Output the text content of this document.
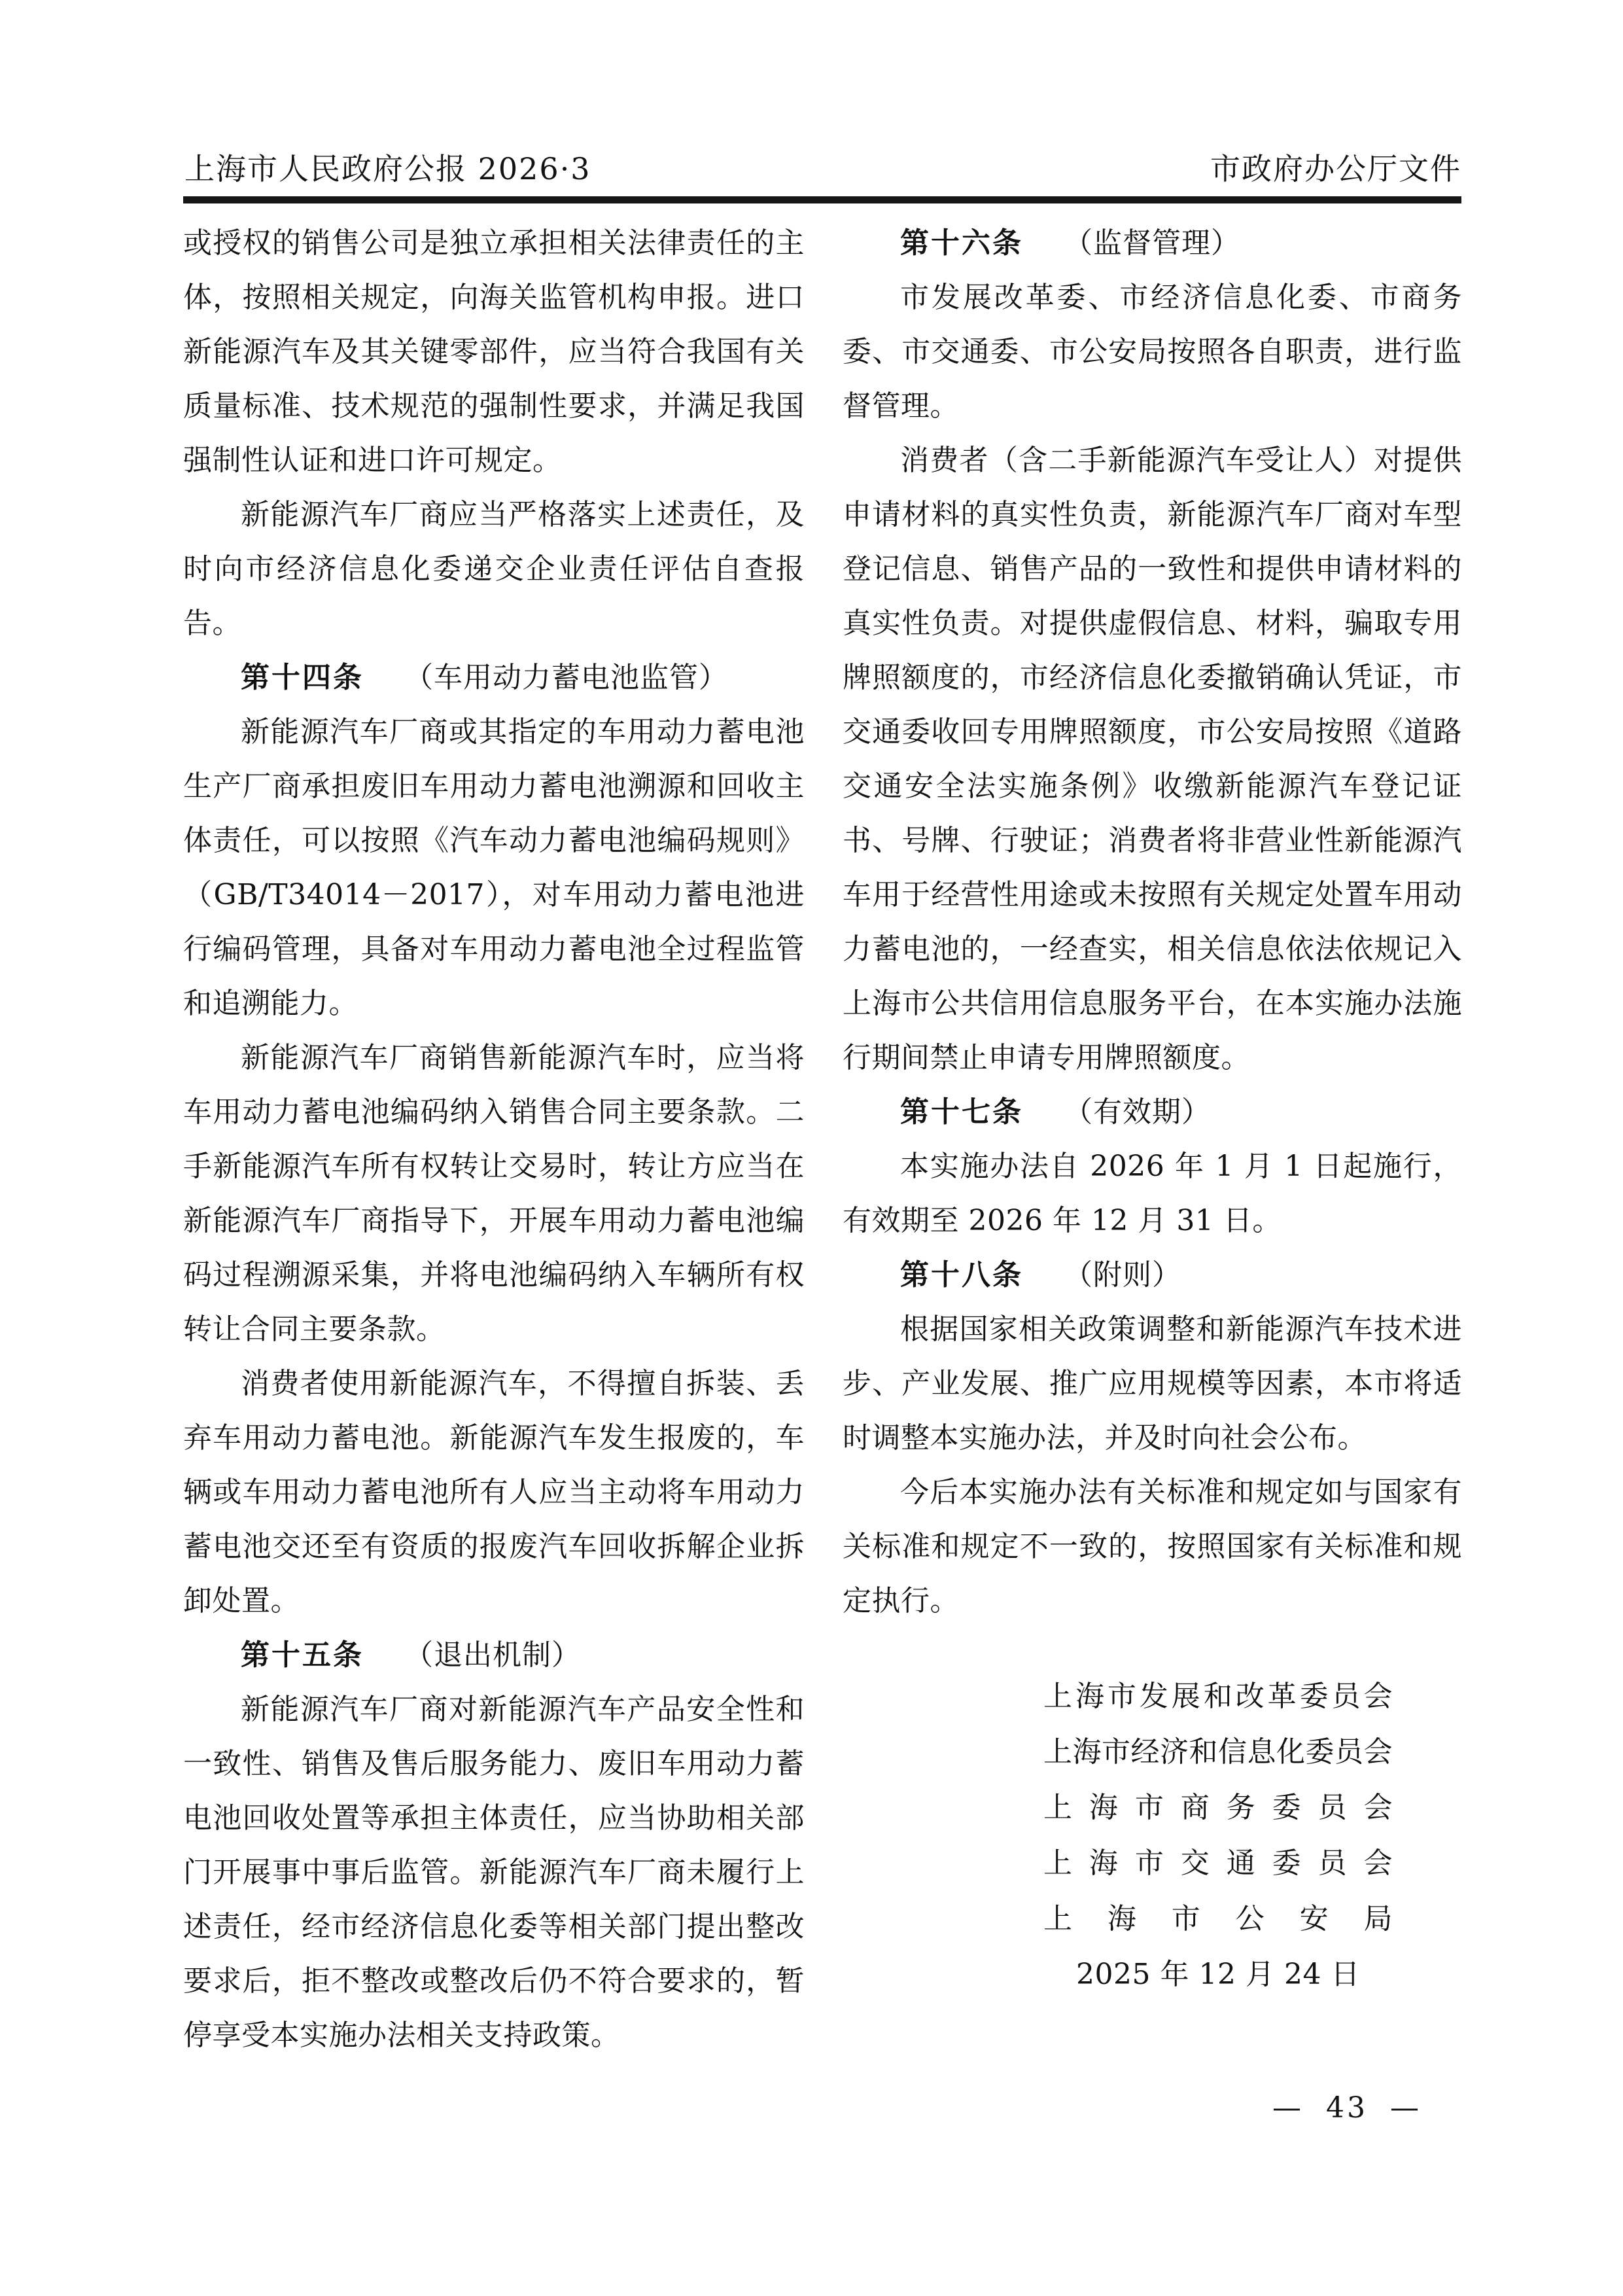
上海市人民政府公报 2026·3	市政府办公厅文件

或授权的销售公司是独立承担相关法律责任的主体，按照相关规定，向海关监管机构申报。进口新能源汽车及其关键零部件，应当符合我国有关质量标准、技术规范的强制性要求，并满足我国强制性认证和进口许可规定。

新能源汽车厂商应当严格落实上述责任，及时向市经济信息化委递交企业责任评估自查报告。

第十四条 （车用动力蓄电池监管）

新能源汽车厂商或其指定的车用动力蓄电池生产厂商承担废旧车用动力蓄电池溯源和回收主体责任，可以按照《汽车动力蓄电池编码规则》（GB/T34014－2017），对车用动力蓄电池进行编码管理，具备对车用动力蓄电池全过程监管和追溯能力。

新能源汽车厂商销售新能源汽车时，应当将车用动力蓄电池编码纳入销售合同主要条款。二手新能源汽车所有权转让交易时，转让方应当在新能源汽车厂商指导下，开展车用动力蓄电池编码过程溯源采集，并将电池编码纳入车辆所有权转让合同主要条款。

消费者使用新能源汽车，不得擅自拆装、丢弃车用动力蓄电池。新能源汽车发生报废的，车辆或车用动力蓄电池所有人应当主动将车用动力蓄电池交还至有资质的报废汽车回收拆解企业拆卸处置。

第十五条 （退出机制）

新能源汽车厂商对新能源汽车产品安全性和一致性、销售及售后服务能力、废旧车用动力蓄电池回收处置等承担主体责任，应当协助相关部门开展事中事后监管。新能源汽车厂商未履行上述责任，经市经济信息化委等相关部门提出整改要求后，拒不整改或整改后仍不符合要求的，暂停享受本实施办法相关支持政策。

第十六条 （监督管理）

市发展改革委、市经济信息化委、市商务委、市交通委、市公安局按照各自职责，进行监督管理。

消费者（含二手新能源汽车受让人）对提供申请材料的真实性负责，新能源汽车厂商对车型登记信息、销售产品的一致性和提供申请材料的真实性负责。对提供虚假信息、材料，骗取专用牌照额度的，市经济信息化委撤销确认凭证，市交通委收回专用牌照额度，市公安局按照《道路交通安全法实施条例》收缴新能源汽车登记证书、号牌、行驶证；消费者将非营业性新能源汽车用于经营性用途或未按照有关规定处置车用动力蓄电池的，一经查实，相关信息依法依规记入上海市公共信用信息服务平台，在本实施办法施行期间禁止申请专用牌照额度。

第十七条 （有效期）

本实施办法自 2026 年 1 月 1 日起施行，有效期至 2026 年 12 月 31 日。

第十八条 （附则）

根据国家相关政策调整和新能源汽车技术进步、产业发展、推广应用规模等因素，本市将适时调整本实施办法，并及时向社会公布。

今后本实施办法有关标准和规定如与国家有关标准和规定不一致的，按照国家有关标准和规定执行。

上海市发展和改革委员会
上海市经济和信息化委员会
上海市商务委员会
上海市交通委员会
上海市公安局
2025 年 12 月 24 日
— 43 —
